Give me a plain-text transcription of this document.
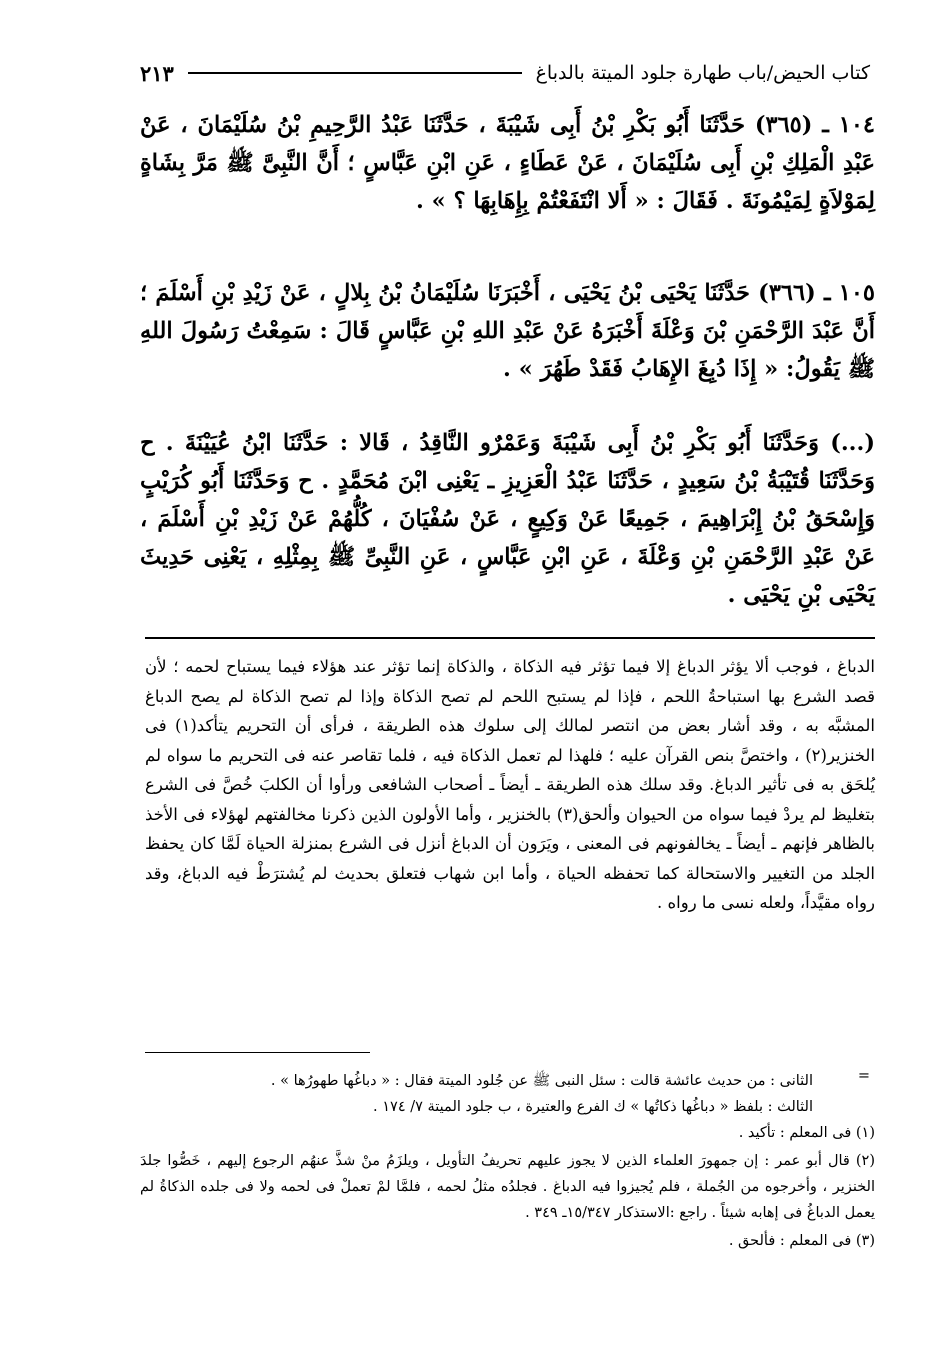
كتاب الحيض/باب طهارة جلود الميتة بالدباغ
٢١٣

١٠٤ ـ (٣٦٥) حَدَّثَنَا أَبُو بَكْرِ بْنُ أَبِى شَيْبَةَ ، حَدَّثَنَا عَبْدُ الرَّحِيمِ بْنُ سُلَيْمَانَ ، عَنْ عَبْدِ الْمَلِكِ بْنِ أَبِى سُلَيْمَانَ ، عَنْ عَطَاءٍ ، عَنِ ابْنِ عَبَّاسٍ ؛ أَنَّ النَّبِىَّ ﷺ مَرَّ بِشَاةٍ لِمَوْلاَةٍ لِمَيْمُونَةَ . فَقَالَ : « أَلا انْتَفَعْتُمْ بِإِهَابِهَا ؟ » .

١٠٥ ـ (٣٦٦) حَدَّثَنَا يَحْيَى بْنُ يَحْيَى ، أَخْبَرَنَا سُلَيْمَانُ بْنُ بِلالٍ ، عَنْ زَيْدِ بْنِ أَسْلَمَ ؛ أَنَّ عَبْدَ الرَّحْمَنِ بْنَ وَعْلَةَ أَخْبَرَهُ عَنْ عَبْدِ اللهِ بْنِ عَبَّاسٍ قَالَ : سَمِعْتُ رَسُولَ اللهِ ﷺ يَقُولُ: « إِذَا دُبِغَ الإِهَابُ فَقَدْ طَهُرَ » .

(...) وَحَدَّثَنَا أَبُو بَكْرِ بْنُ أَبِى شَيْبَةَ وَعَمْرٌو النَّاقِدُ ، قَالا : حَدَّثَنَا ابْنُ عُيَيْنَةَ . ح وَحَدَّثَنَا قُتَيْبَةُ بْنُ سَعِيدٍ ، حَدَّثَنَا عَبْدُ الْعَزِيزِ ـ يَعْنِى ابْنَ مُحَمَّدٍ . ح وَحَدَّثَنَا أَبُو كُرَيْبٍ وَإِسْحَقُ بْنُ إِبْرَاهِيمَ ، جَمِيعًا عَنْ وَكِيعٍ ، عَنْ سُفْيَانَ ، كُلُّهُمْ عَنْ زَيْدِ بْنِ أَسْلَمَ ، عَنْ عَبْدِ الرَّحْمَنِ بْنِ وَعْلَةَ ، عَنِ ابْنِ عَبَّاسٍ ، عَنِ النَّبِىِّ ﷺ بِمِثْلِهِ ، يَعْنِى حَدِيثَ يَحْيَى بْنِ يَحْيَى .

الدباغ ، فوجب ألا يؤثر الدباغ إلا فيما تؤثر فيه الذكاة ، والذكاة إنما تؤثر عند هؤلاء فيما يستباح لحمه ؛ لأن قصد الشرع بها استباحةُ اللحم ، فإذا لم يستبح اللحم لم تصح الذكاة وإذا لم تصح الذكاة لم يصح الدباغ المشبَّه به ، وقد أشار بعض من انتصر لمالك إلى سلوك هذه الطريقة ، فرأى أن التحريم يتأكد(١) فى الخنزير(٢) ، واختصَّ بنص القرآن عليه ؛ فلهذا لم تعمل الذكاة فيه ، فلما تقاصر عنه فى التحريم ما سواه لم يُلحَق به فى تأثير الدباغ. وقد سلك هذه الطريقة ـ أيضاً ـ أصحاب الشافعى ورأوا أن الكلبَ خُصَّ فى الشرع بتغليظ لم يردْ فيما سواه من الحيوان وألحق(٣) بالخنزير ، وأما الأولون الذين ذكرنا مخالفتهم لهؤلاء فى الأخذ بالظاهر فإنهم ـ أيضاً ـ يخالفونهم فى المعنى ، ويَرَون أن الدباغ أنزل فى الشرع بمنزلة الحياة لَمَّا كان يحفظ الجلد من التغيير والاستحالة كما تحفظه الحياة ، وأما ابن شهاب فتعلق بحديث لم يُشترَطْ فيه الدباغ، وقد رواه مقيَّداً، ولعله نسى ما رواه .

=
الثانى : من حديث عائشة قالت : سئل النبى ﷺ عن جُلود الميتة فقال : « دباغُها طهورُها » .
الثالث : بلفظ « دباغُها ذكاتُها » ك الفرع والعتيرة ، ب جلود الميتة ٧/ ١٧٤ .

(١) فى المعلم : تأكيد .

(٢) قال أبو عمر : إن جمهورَ العلماء الذين لا يجوز عليهم تحريفُ التأويل ، ويلزَمُ منْ شذَّ عنهُم الرجوع إليهم ، خَصُّوا جلدَ الخنزير ، وأخرجوه من الجُملة ، فلم يُجيزوا فيه الدباغ . فجلدُه مثلُ لحمه ، فلمَّا لمْ تعملْ فى لحمه ولا فى جلده الذكاةُ لم يعمل الدباغُ فى إهابه شيئاً . راجع :الاستذكار ١٥/٣٤٧ـ ٣٤٩ .

(٣) فى المعلم : فألحق .
